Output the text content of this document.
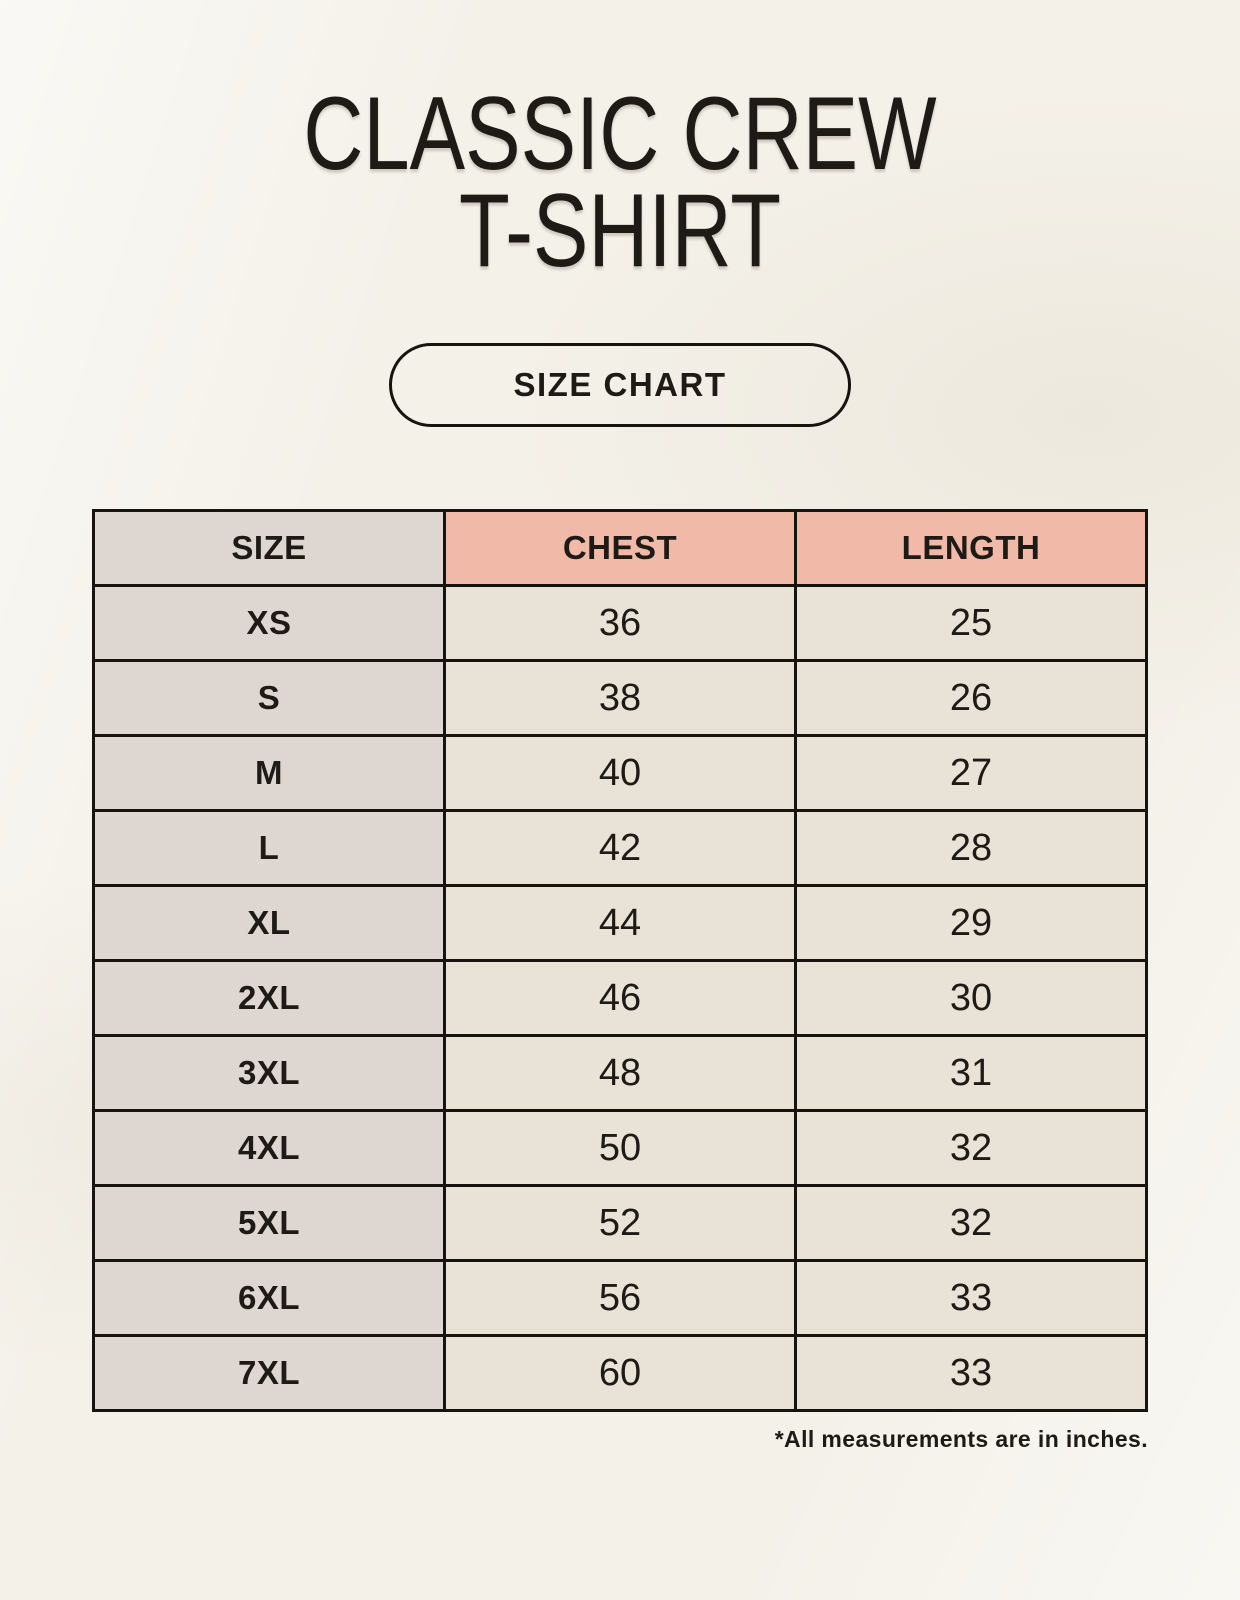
CLASSIC CREW
T-SHIRT
SIZE CHART
SIZE	CHEST	LENGTH
XS	36	25
S	38	26
M	40	27
L	42	28
XL	44	29
2XL	46	30
3XL	48	31
4XL	50	32
5XL	52	32
6XL	56	33
7XL	60	33

*All measurements are in inches.
